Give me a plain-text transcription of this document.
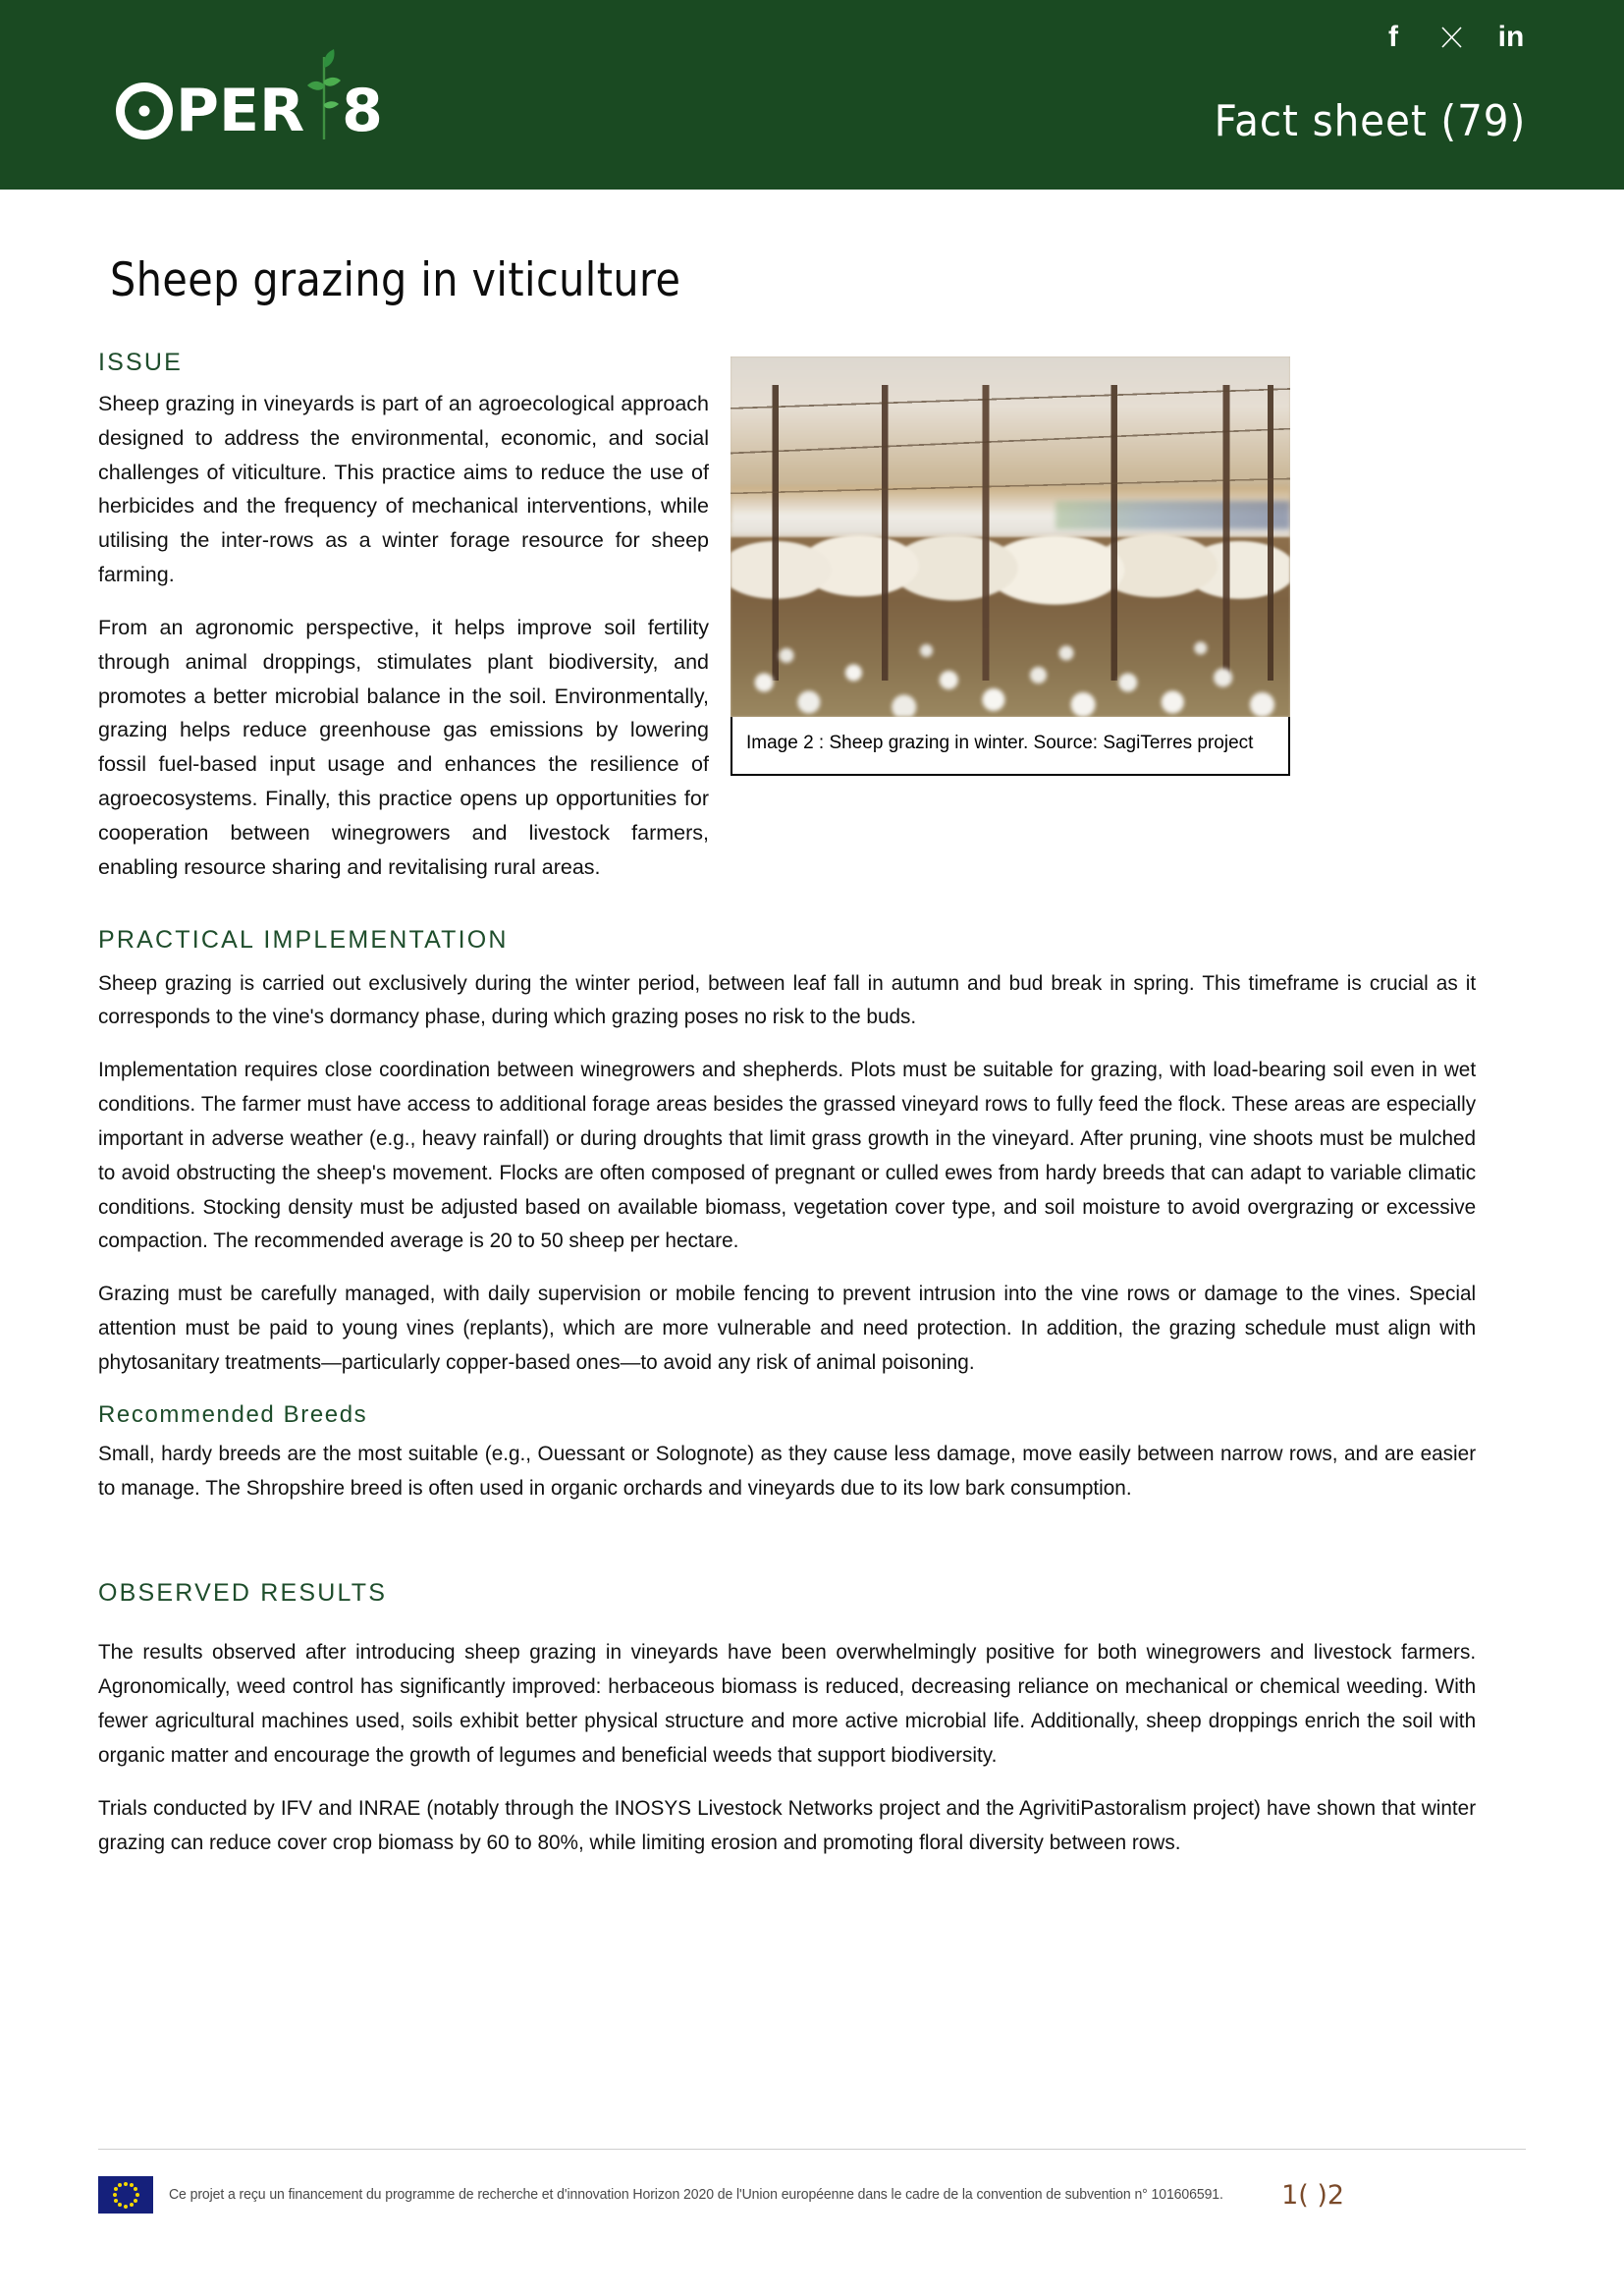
PER 8
f	in
Fact sheet (79)
Sheep grazing in viticulture
ISSUE

Sheep grazing in vineyards is part of an agroecological approach designed to address the environmental, economic, and social challenges of viticulture. This practice aims to reduce the use of herbicides and the frequency of mechanical interventions, while utilising the inter-rows as a winter forage resource for sheep farming.

From an agronomic perspective, it helps improve soil fertility through animal droppings, stimulates plant biodiversity, and promotes a better microbial balance in the soil. Environmentally, grazing helps reduce greenhouse gas emissions by lowering fossil fuel-based input usage and enhances the resilience of agroecosystems. Finally, this practice opens up opportunities for cooperation between winegrowers and livestock farmers, enabling resource sharing and revitalising rural areas.

Image 2 : Sheep grazing in winter. Source: SagiTerres project
PRACTICAL IMPLEMENTATION

Sheep grazing is carried out exclusively during the winter period, between leaf fall in autumn and bud break in spring. This timeframe is crucial as it corresponds to the vine's dormancy phase, during which grazing poses no risk to the buds.

Implementation requires close coordination between winegrowers and shepherds. Plots must be suitable for grazing, with load-bearing soil even in wet conditions. The farmer must have access to additional forage areas besides the grassed vineyard rows to fully feed the flock. These areas are especially important in adverse weather (e.g., heavy rainfall) or during droughts that limit grass growth in the vineyard. After pruning, vine shoots must be mulched to avoid obstructing the sheep's movement. Flocks are often composed of pregnant or culled ewes from hardy breeds that can adapt to variable climatic conditions. Stocking density must be adjusted based on available biomass, vegetation cover type, and soil moisture to avoid overgrazing or excessive compaction. The recommended average is 20 to 50 sheep per hectare.

Grazing must be carefully managed, with daily supervision or mobile fencing to prevent intrusion into the vine rows or damage to the vines. Special attention must be paid to young vines (replants), which are more vulnerable and need protection. In addition, the grazing schedule must align with phytosanitary treatments—particularly copper-based ones—to avoid any risk of animal poisoning.

Recommended Breeds

Small, hardy breeds are the most suitable (e.g., Ouessant or Solognote) as they cause less damage, move easily between narrow rows, and are easier to manage. The Shropshire breed is often used in organic orchards and vineyards due to its low bark consumption.

OBSERVED RESULTS

The results observed after introducing sheep grazing in vineyards have been overwhelmingly positive for both winegrowers and livestock farmers. Agronomically, weed control has significantly improved: herbaceous biomass is reduced, decreasing reliance on mechanical or chemical weeding. With fewer agricultural machines used, soils exhibit better physical structure and more active microbial life. Additionally, sheep droppings enrich the soil with organic matter and encourage the growth of legumes and beneficial weeds that support biodiversity.

Trials conducted by IFV and INRAE (notably through the INOSYS Livestock Networks project and the AgrivitiPastoralism project) have shown that winter grazing can reduce cover crop biomass by 60 to 80%, while limiting erosion and promoting floral diversity between rows.

Ce projet a reçu un financement du programme de recherche et d'innovation Horizon 2020 de l'Union européenne dans le cadre de la convention de subvention n° 101606591. 1( )2
